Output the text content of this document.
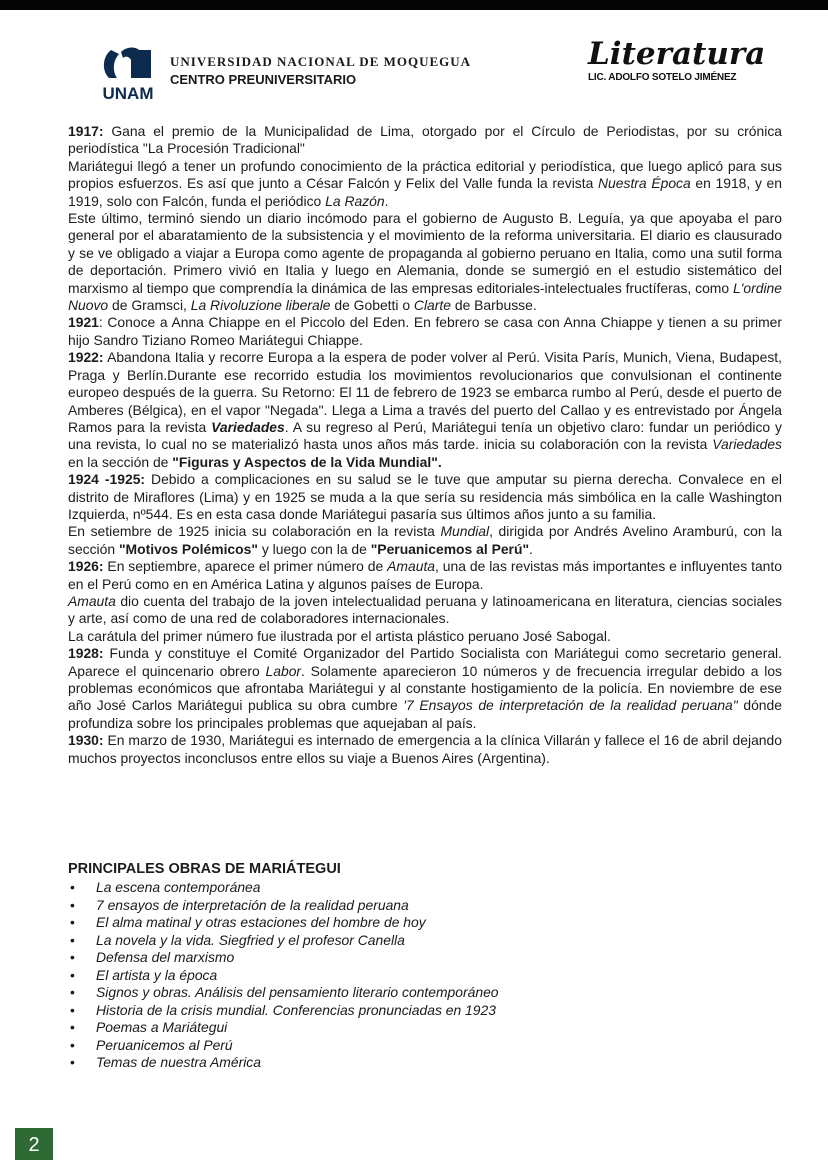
UNAM
UNIVERSIDAD NACIONAL DE MOQUEGUA
CENTRO PREUNIVERSITARIO
Literatura
LIC. ADOLFO SOTELO JIMÉNEZ

1917: Gana el premio de la Municipalidad de Lima, otorgado por el Círculo de Periodistas, por su crónica periodística "La Procesión Tradicional"

Mariátegui llegó a tener un profundo conocimiento de la práctica editorial y periodística, que luego aplicó para sus propios esfuerzos. Es así que junto a César Falcón y Felix del Valle funda la revista Nuestra Época en 1918, y en 1919, solo con Falcón, funda el periódico La Razón.

Este último, terminó siendo un diario incómodo para el gobierno de Augusto B. Leguía, ya que apoyaba el paro general por el abaratamiento de la subsistencia y el movimiento de la reforma universitaria. El diario es clausurado y se ve obligado a viajar a Europa como agente de propaganda al gobierno peruano en Italia, como una sutil forma de deportación. Primero vivió en Italia y luego en Alemania, donde se sumergió en el estudio sistemático del marxismo al tiempo que comprendía la dinámica de las empresas editoriales-intelectuales fructíferas, como L'ordine Nuovo de Gramsci, La Rivoluzione liberale de Gobetti o Clarte de Barbusse.

1921: Conoce a Anna Chiappe en el Piccolo del Eden. En febrero se casa con Anna Chiappe y tienen a su primer hijo Sandro Tiziano Romeo Mariátegui Chiappe.

1922: Abandona Italia y recorre Europa a la espera de poder volver al Perú. Visita París, Munich, Viena, Budapest, Praga y Berlín.Durante ese recorrido estudia los movimientos revolucionarios que convulsionan el continente europeo después de la guerra. Su Retorno: El 11 de febrero de 1923 se embarca rumbo al Perú, desde el puerto de Amberes (Bélgica), en el vapor "Negada". Llega a Lima a través del puerto del Callao y es entrevistado por Ángela Ramos para la revista Variedades. A su regreso al Perú, Mariátegui tenía un objetivo claro: fundar un periódico y una revista, lo cual no se materializó hasta unos años más tarde. inicia su colaboración con la revista Variedades en la sección de "Figuras y Aspectos de la Vida Mundial".

1924 -1925: Debido a complicaciones en su salud se le tuve que amputar su pierna derecha. Convalece en el distrito de Miraflores (Lima) y en 1925 se muda a la que sería su residencia más simbólica en la calle Washington Izquierda, nº544. Es en esta casa donde Mariátegui pasaría sus últimos años junto a su familia.

En setiembre de 1925 inicia su colaboración en la revista Mundial, dirigida por Andrés Avelino Aramburú, con la sección "Motivos Polémicos" y luego con la de "Peruanicemos al Perú".

1926: En septiembre, aparece el primer número de Amauta, una de las revistas más importantes e influyentes tanto en el Perú como en en América Latina y algunos países de Europa.

Amauta dio cuenta del trabajo de la joven intelectualidad peruana y latinoamericana en literatura, ciencias sociales y arte, así como de una red de colaboradores internacionales.

La carátula del primer número fue ilustrada por el artista plástico peruano José Sabogal.

1928: Funda y constituye el Comité Organizador del Partido Socialista con Mariátegui como secretario general. Aparece el quincenario obrero Labor. Solamente aparecieron 10 números y de frecuencia irregular debido a los problemas económicos que afrontaba Mariátegui y al constante hostigamiento de la policía. En noviembre de ese año José Carlos Mariátegui publica su obra cumbre '7 Ensayos de interpretación de la realidad peruana" dónde profundiza sobre los principales problemas que aquejaban al país.

1930: En marzo de 1930, Mariátegui es internado de emergencia a la clínica Villarán y fallece el 16 de abril dejando muchos proyectos inconclusos entre ellos su viaje a Buenos Aires (Argentina).

PRINCIPALES OBRAS DE MARIÁTEGUI
• La escena contemporánea
• 7 ensayos de interpretación de la realidad peruana
• El alma matinal y otras estaciones del hombre de hoy
• La novela y la vida. Siegfried y el profesor Canella
• Defensa del marxismo
• El artista y la época
• Signos y obras. Análisis del pensamiento literario contemporáneo
• Historia de la crisis mundial. Conferencias pronunciadas en 1923
• Poemas a Mariátegui
• Peruanicemos al Perú
• Temas de nuestra América
2
